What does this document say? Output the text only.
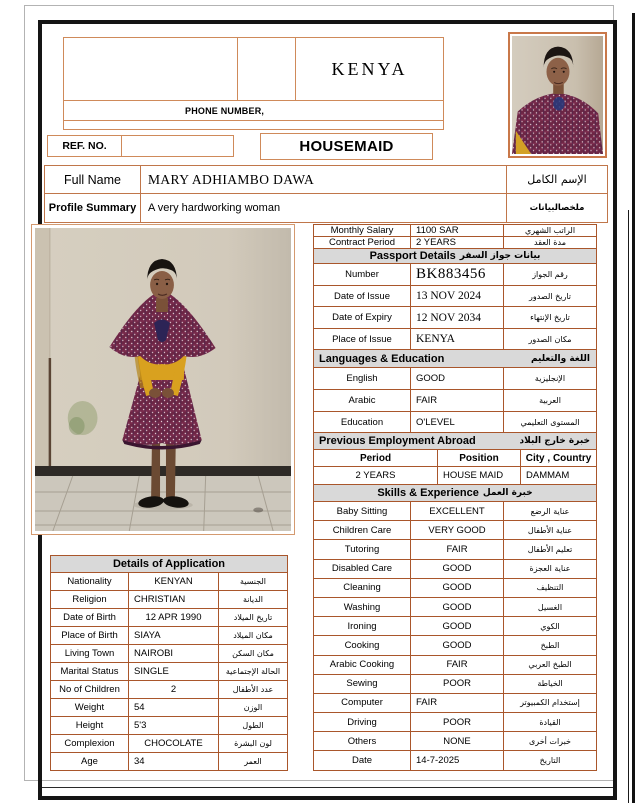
KENYA
PHONE NUMBER,
REF. NO.	HOUSEMAID
Full Name MARY ADHIAMBO DAWA	الإسم الكامل
Profile Summary A very hardworking woman	ملخصالبيانات
Monthly Salary	1100 SAR	الراتب الشهري
Contract Period	2 YEARS	مدة العقد
Passport Details بيانات جواز السفر
Number	BK883456	رقم الجواز
Date of Issue	13 NOV 2024	تاريخ الصدور
Date of Expiry	12 NOV 2034	تاريخ الإنتهاء
Place of Issue	KENYA	مكان الصدور
Languages & Education	اللغة والتعليم
English	GOOD	الإنجليزية
Arabic	FAIR	العربية
Education	O'LEVEL	المستوى التعليمي
Previous Employment Abroad	خبرة خارج البلاد
Period	Position	City , Country
2 YEARS	HOUSE MAID	DAMMAM
Skills & Experience خبرة العمل
Baby Sitting	EXCELLENT	عناية الرضع
Children Care	VERY GOOD	عناية الأطفال
Tutoring	FAIR	تعليم الأطفال
Disabled Care	GOOD	عناية العجزة
Cleaning	GOOD	التنظيف
Washing	GOOD	الغسيل
Ironing	GOOD	الكوي
Cooking	GOOD	الطبخ
Arabic Cooking	FAIR	الطبخ العربي
Sewing	POOR	الخياطة
Computer	FAIR	إستخدام الكمبيوتر
Driving	POOR	القيادة
Others	NONE	خبرات أخرى
Date	14-7-2025	التاريخ
Details of Application
Nationality	KENYAN	الجنسية
Religion	CHRISTIAN	الديانة
Date of Birth	12 APR 1990	تاريخ الميلاد
Place of Birth	SIAYA	مكان الميلاد
Living Town	NAIROBI	مكان السكن
Marital Status	SINGLE	الحالة الإجتماعية
No of Children	2	عدد الأطفال
Weight	54	الوزن
Height	5'3	الطول
Complexion	CHOCOLATE	لون البشرة
Age	34	العمر
